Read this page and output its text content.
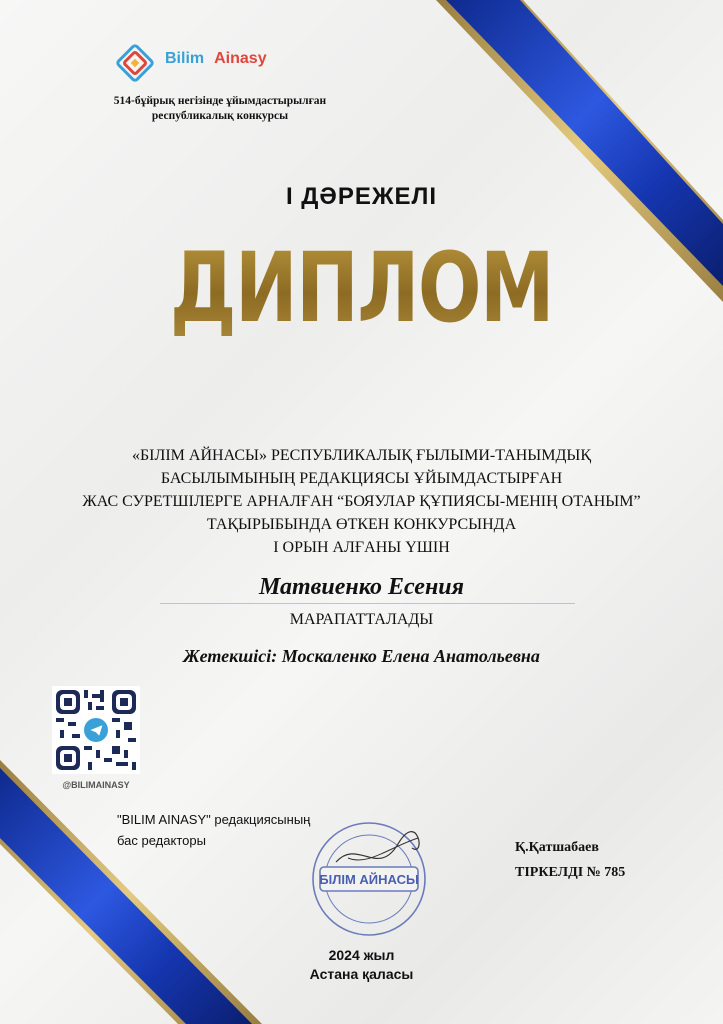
Bilim Ainasy
514-бұйрық негізінде ұйымдастырылған республикалық конкурсы
I ДӘРЕЖЕЛІ
ДИПЛОМ
«БІЛІМ АЙНАСЫ» РЕСПУБЛИКАЛЫҚ ҒЫЛЫМИ-ТАНЫМДЫҚ
БАСЫЛЫМЫНЫҢ РЕДАКЦИЯСЫ ҰЙЫМДАСТЫРҒАН
ЖАС СУРЕТШІЛЕРГЕ АРНАЛҒАН “БОЯУЛАР ҚҰПИЯСЫ-МЕНІҢ ОТАНЫМ”
ТАҚЫРЫБЫНДА ӨТКЕН КОНКУРСЫНДА
I ОРЫН АЛҒАНЫ ҮШІН
Матвиенко Есения
МАРАПАТТАЛАДЫ
Жетекшісі: Москаленко Елена Анатольевна
@BILIMAINASY
"BILIM AINASY" редакциясының
бас редакторы
БІЛІМ АЙНАСЫ
Қ.Қатшабаев
ТІРКЕЛДІ № 785
2024 жыл
Астана қаласы
